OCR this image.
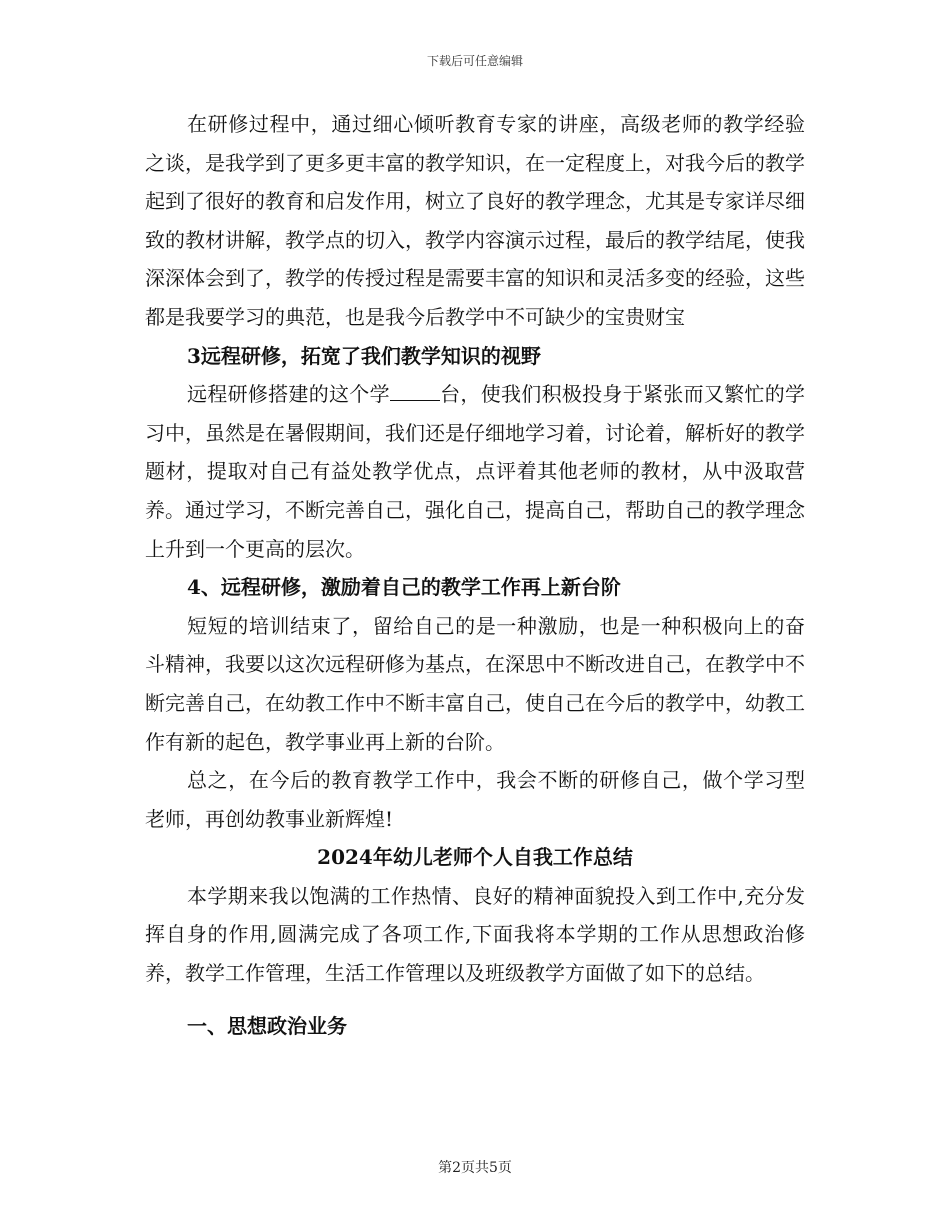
下载后可任意编辑

在研修过程中，通过细心倾听教育专家的讲座，高级老师的教学经验之谈，是我学到了更多更丰富的教学知识，在一定程度上，对我今后的教学起到了很好的教育和启发作用，树立了良好的教学理念，尤其是专家详尽细致的教材讲解，教学点的切入，教学内容演示过程，最后的教学结尾，使我深深体会到了，教学的传授过程是需要丰富的知识和灵活多变的经验，这些都是我要学习的典范，也是我今后教学中不可缺少的宝贵财宝

3远程研修，拓宽了我们教学知识的视野

远程研修搭建的这个学	台，使我们积极投身于紧张而又繁忙的学习中，虽然是在暑假期间，我们还是仔细地学习着，讨论着，解析好的教学题材，提取对自己有益处教学优点，点评着其他老师的教材，从中汲取营养。通过学习，不断完善自己，强化自己，提高自己，帮助自己的教学理念上升到一个更高的层次。

4、远程研修，激励着自己的教学工作再上新台阶

短短的培训结束了，留给自己的是一种激励，也是一种积极向上的奋斗精神，我要以这次远程研修为基点，在深思中不断改进自己，在教学中不断完善自己，在幼教工作中不断丰富自己，使自己在今后的教学中，幼教工作有新的起色，教学事业再上新的台阶。

总之，在今后的教育教学工作中，我会不断的研修自己，做个学习型老师，再创幼教事业新辉煌!

2024年幼儿老师个人自我工作总结

本学期来我以饱满的工作热情、良好的精神面貌投入到工作中,充分发挥自身的作用,圆满完成了各项工作,下面我将本学期的工作从思想政治修养，教学工作管理，生活工作管理以及班级教学方面做了如下的总结。

一、思想政治业务

第2页共5页
